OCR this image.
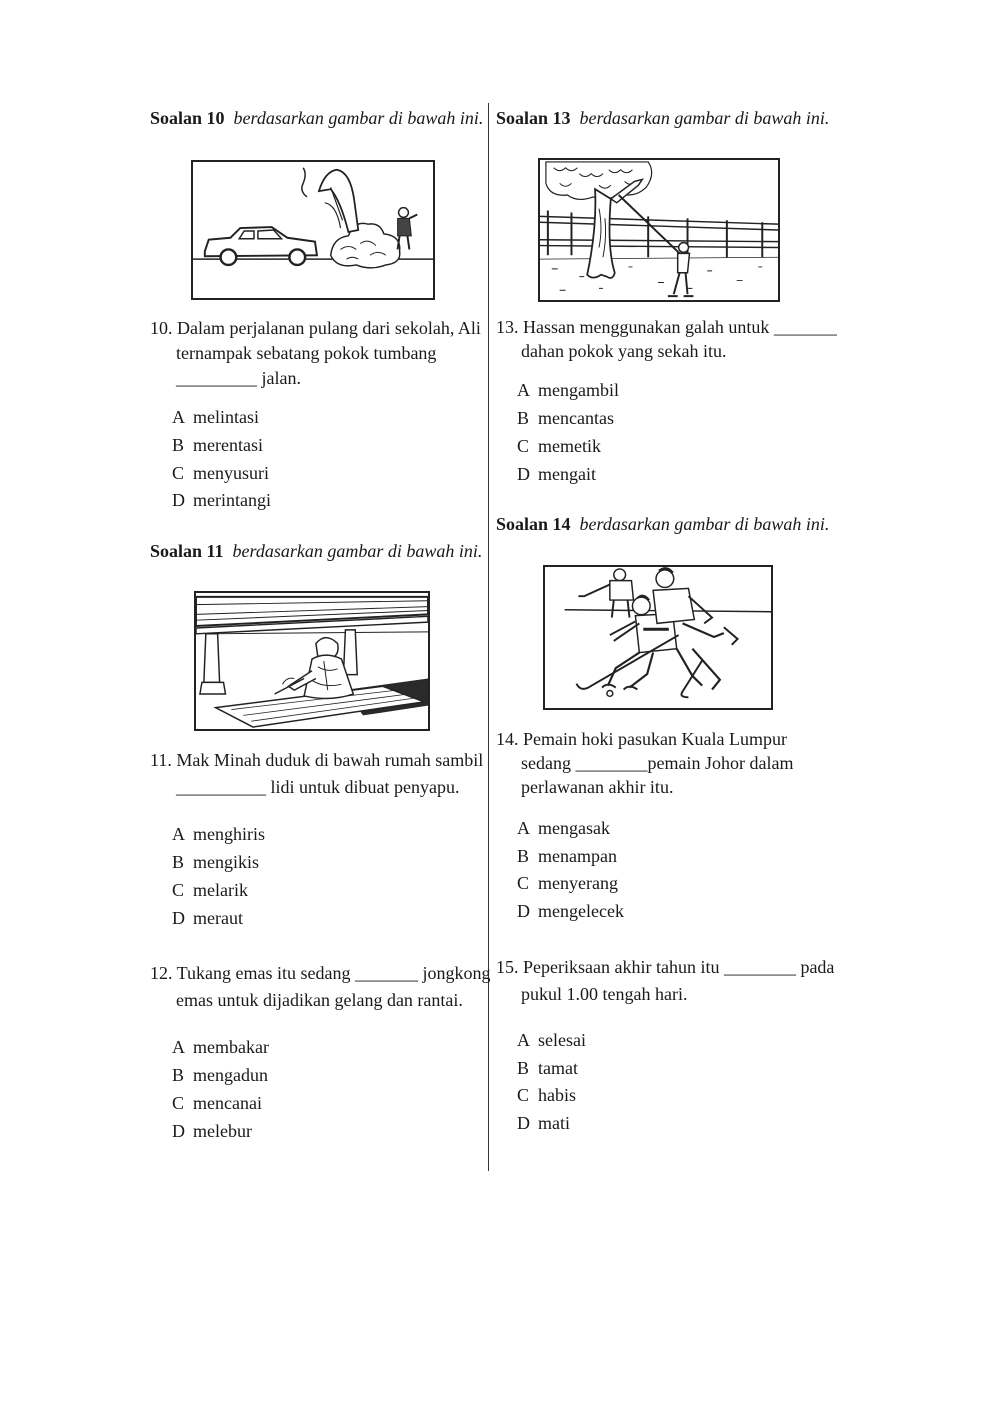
Soalan 10 berdasarkan gambar di bawah ini.
10. Dalam perjalanan pulang dari sekolah, Ali
ternampak sebatang pokok tumbang
_________ jalan.
A melintasi
B merentasi
C menyusuri
D merintangi
Soalan 11 berdasarkan gambar di bawah ini.
11. Mak Minah duduk di bawah rumah sambil
__________ lidi untuk dibuat penyapu.
A menghiris
B mengikis
C melarik
D meraut
12. Tukang emas itu sedang _______ jongkong
emas untuk dijadikan gelang dan rantai.
A membakar
B mengadun
C mencanai
D melebur
Soalan 13 berdasarkan gambar di bawah ini.
13. Hassan menggunakan galah untuk _______
dahan pokok yang sekah itu.
A mengambil
B mencantas
C memetik
D mengait
Soalan 14 berdasarkan gambar di bawah ini.
14. Pemain hoki pasukan Kuala Lumpur
sedang ________pemain Johor dalam
perlawanan akhir itu.
A mengasak
B menampan
C menyerang
D mengelecek
15. Peperiksaan akhir tahun itu ________ pada
pukul 1.00 tengah hari.
A selesai
B tamat
C habis
D mati
